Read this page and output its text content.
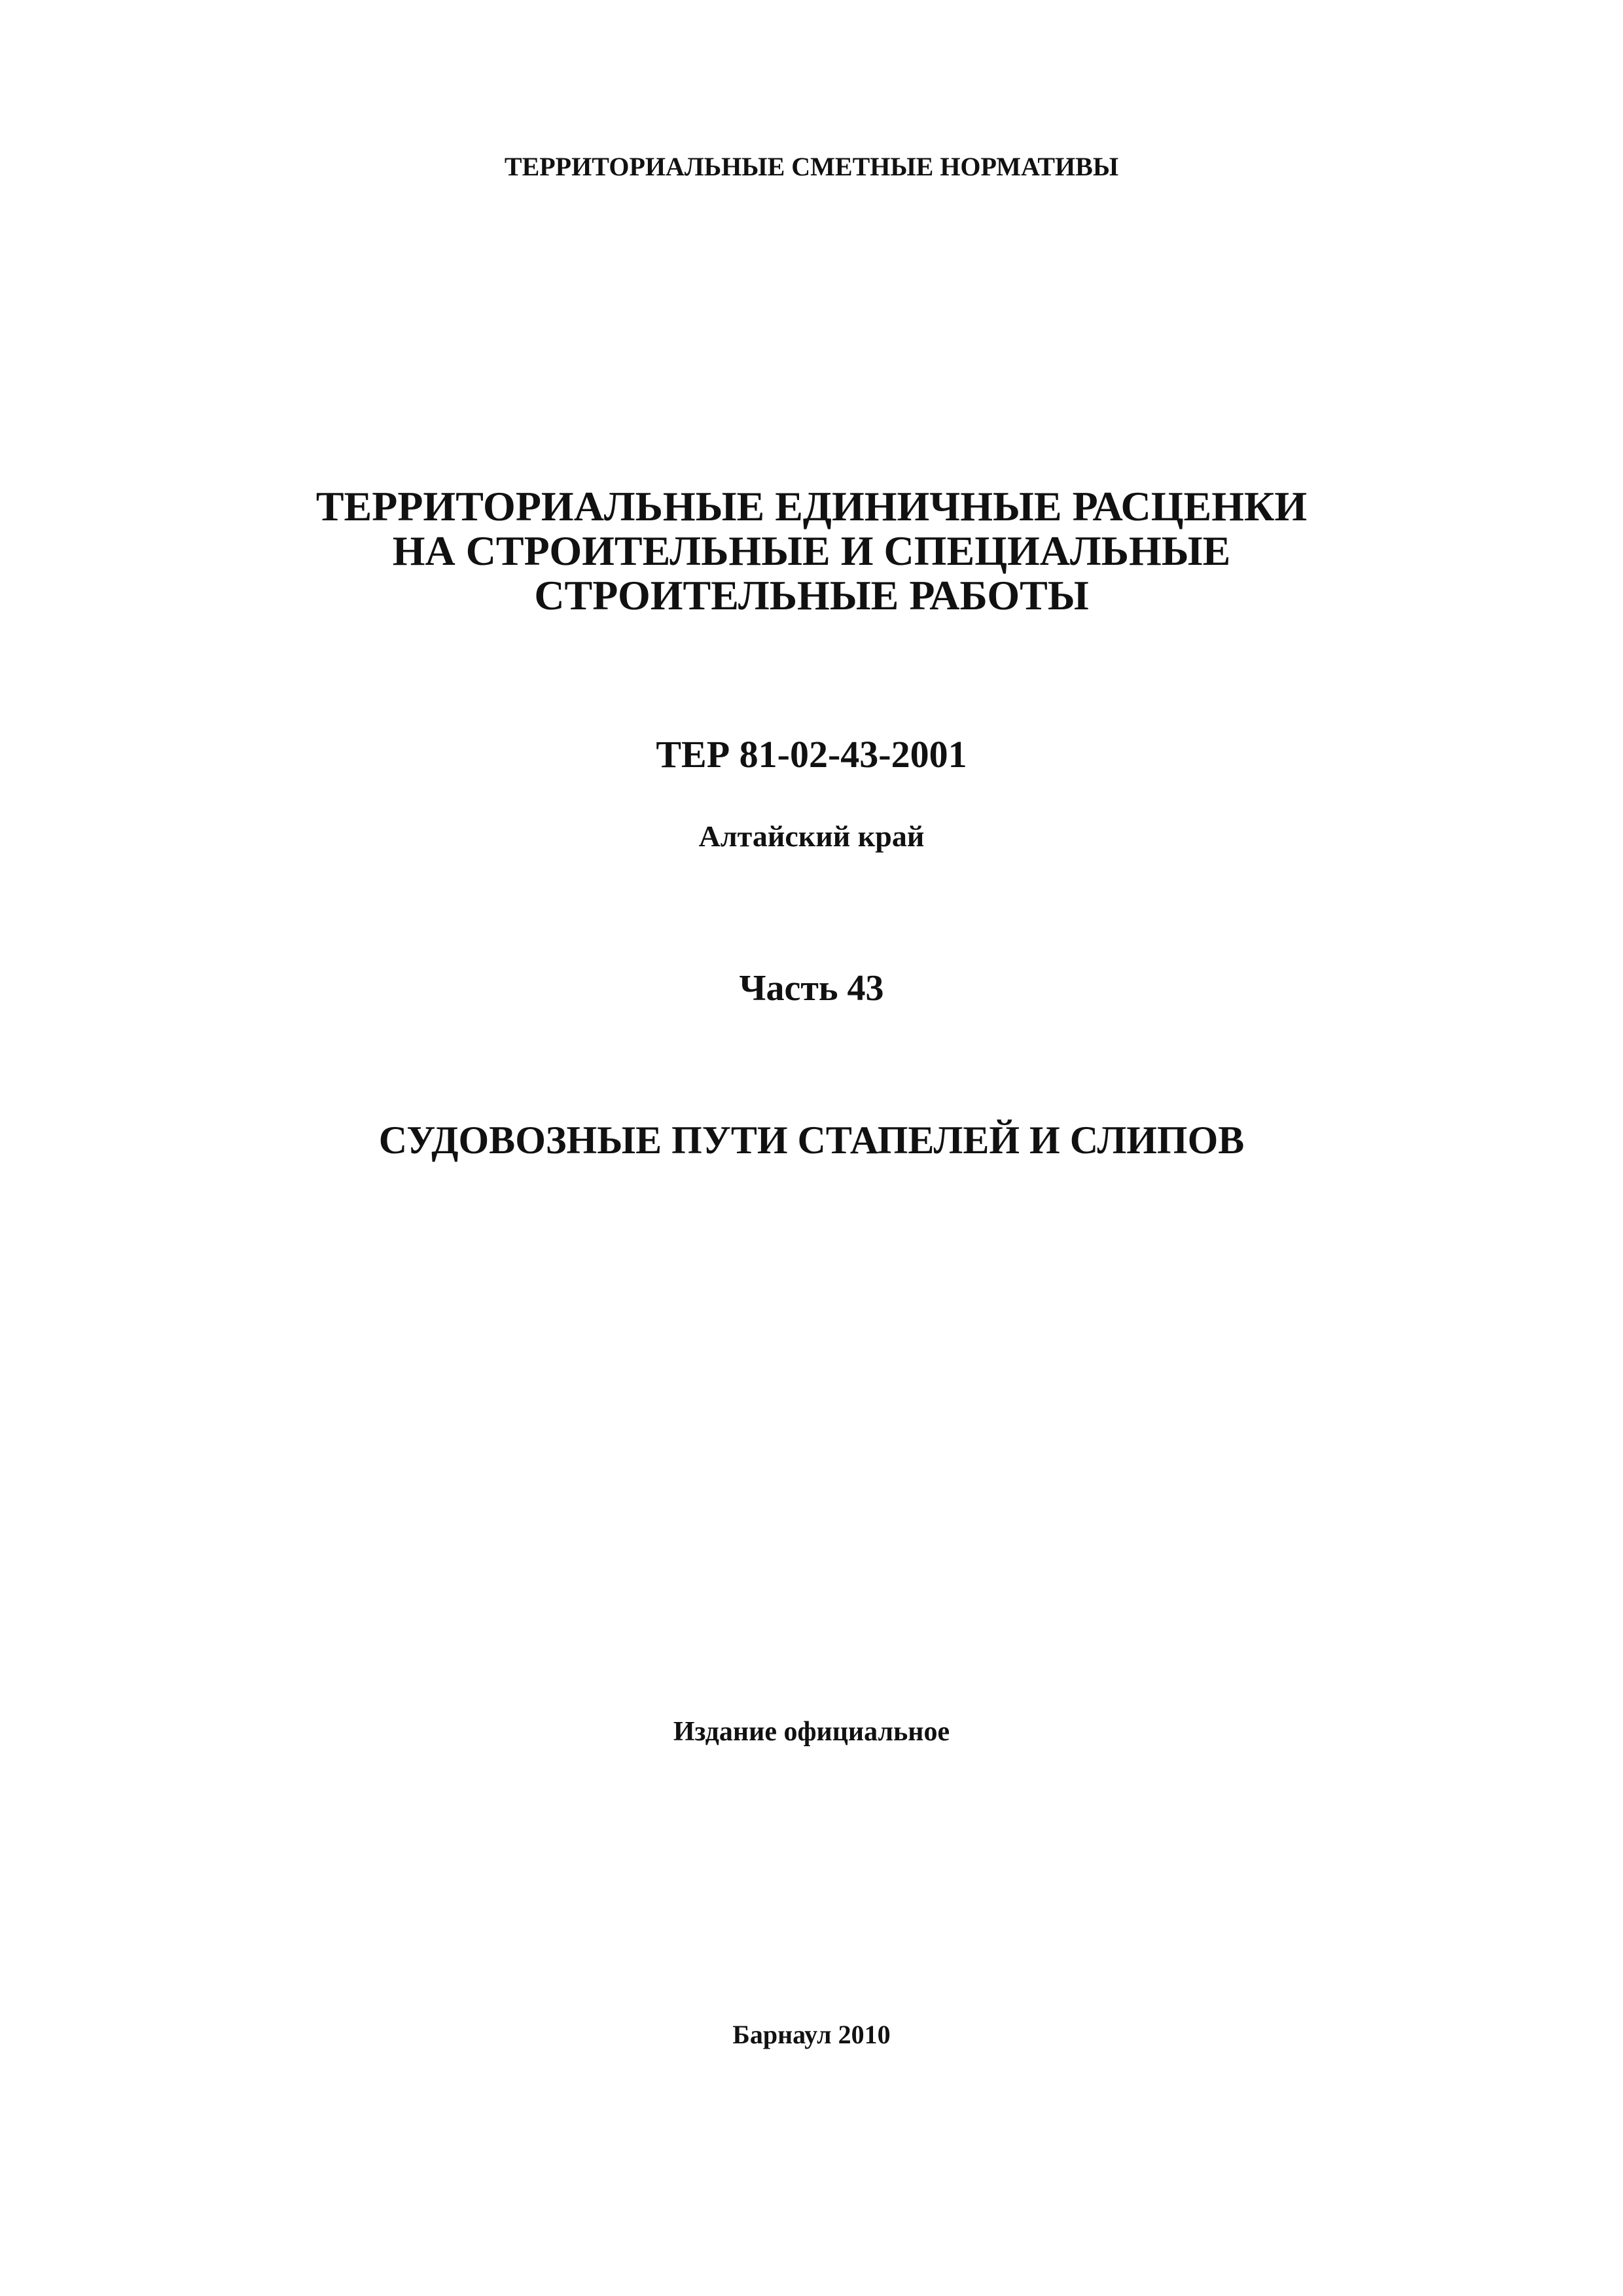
ТЕРРИТОРИАЛЬНЫЕ СМЕТНЫЕ НОРМАТИВЫ
ТЕРРИТОРИАЛЬНЫЕ ЕДИНИЧНЫЕ РАСЦЕНКИ
НА СТРОИТЕЛЬНЫЕ И СПЕЦИАЛЬНЫЕ
СТРОИТЕЛЬНЫЕ РАБОТЫ
ТЕР 81-02-43-2001
Алтайский край
Часть 43
СУДОВОЗНЫЕ ПУТИ СТАПЕЛЕЙ И СЛИПОВ
Издание официальное
Барнаул 2010
